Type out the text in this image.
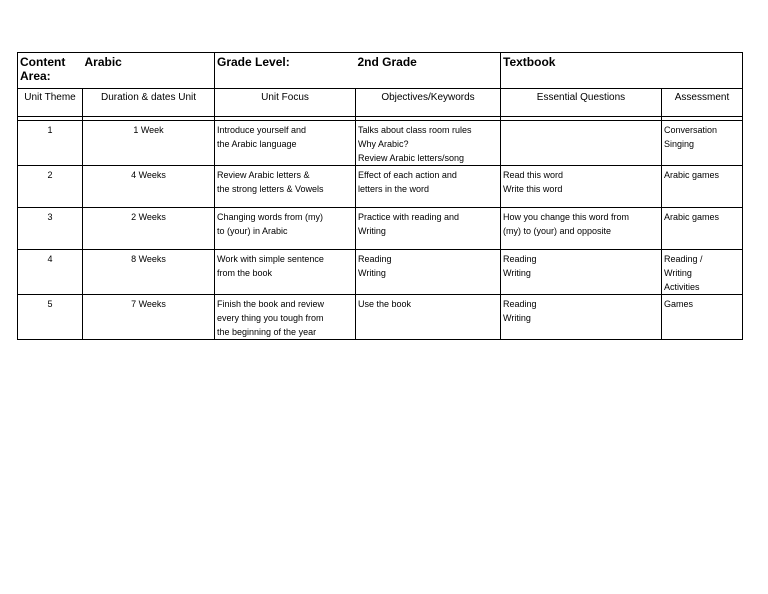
Content Area:	Arabic	Grade Level:	2nd Grade	Textbook	
Unit Theme	Duration & dates Unit	Unit Focus	Objectives/Keywords	Essential Questions	Assessment

1	1 Week	Introduce yourself and
the Arabic language	Talks about class room rules
Why Arabic?
Review Arabic letters/song		Conversation
Singing

2	4 Weeks	Review Arabic letters &
the strong letters & Vowels	Effect of each action and
letters in the word	Read this word
Write this word	Arabic games

3	2 Weeks	Changing words from (my)
to (your) in Arabic	Practice with reading and
Writing	How you change this word from
(my) to (your) and opposite	Arabic games

4	8 Weeks	Work with simple sentence
from the book	Reading
Writing	Reading
Writing	Reading /
Writing
Activities

5	7 Weeks	Finish the book and review
every thing you tough from
the beginning of the year	Use the book	Reading
Writing	Games
